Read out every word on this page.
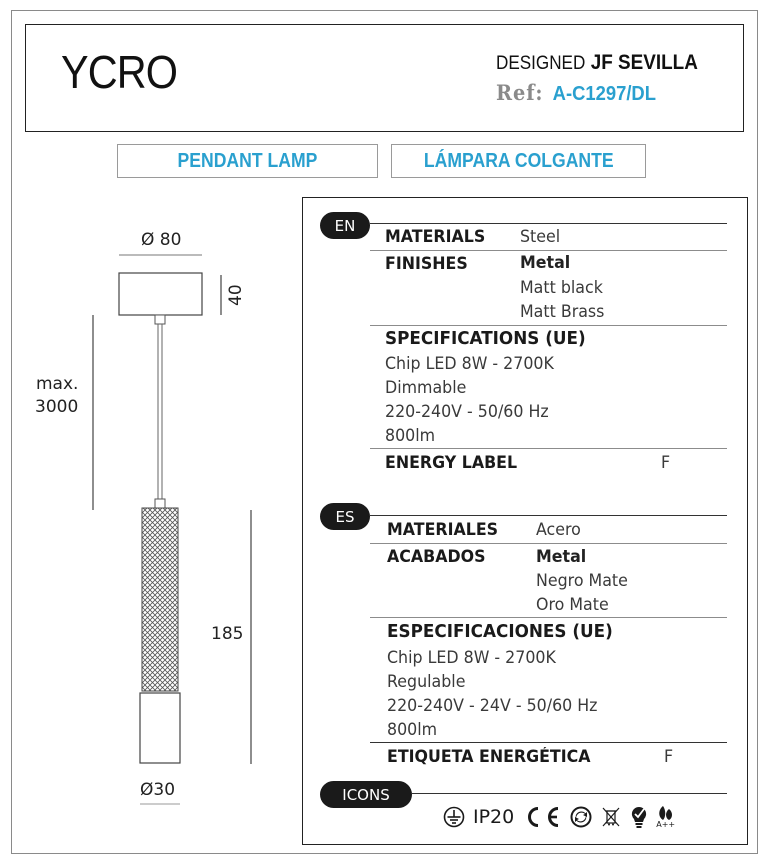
YCRO	DESIGNED JF SEVILLA
Ref: A-C1297/DL
PENDANT LAMP	LÁMPARA COLGANTE
Ø 80
40
max.
3000
185
Ø30
EN
MATERIALS Steel
FINISHES	Metal
Matt black
Matt Brass
SPECIFICATIONS (UE)
Chip LED 8W - 2700K
Dimmable
220-240V - 50/60 Hz
800lm
ENERGY LABEL	F
ES
MATERIALES Acero
ACABADOS	Metal
Negro Mate
Oro Mate
ESPECIFICACIONES (UE)
Chip LED 8W - 2700K
Regulable
220-240V - 24V - 50/60 Hz
800lm
ETIQUETA ENERGÉTICA	F
ICONS
IP20	A++
